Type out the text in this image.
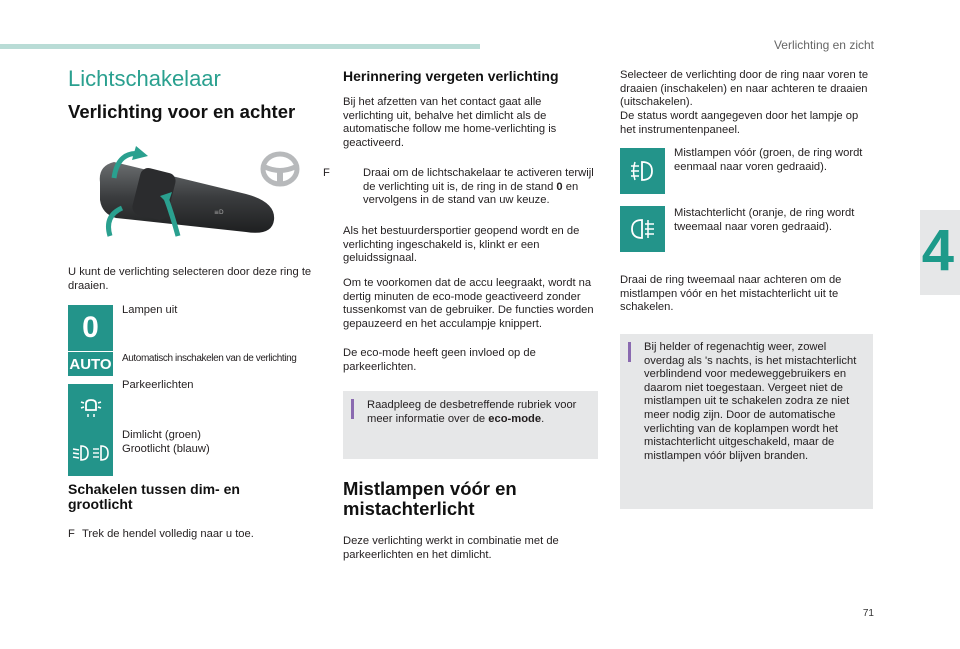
Verlichting en zicht
4
71
Lichtschakelaar
Verlichting voor en achter
≡D

U kunt de verlichting selecteren door deze ring te draaien.

0
Lampen uit
AUTO Automatisch inschakelen van de verlichting
Parkeerlichten
Dimlicht (groen)
Grootlicht (blauw)
Schakelen tussen dim- en grootlicht

F Trek de hendel volledig naar u toe.

Herinnering vergeten verlichting

Bij het afzetten van het contact gaat alle verlichting uit, behalve het dimlicht als de automatische follow me home-verlichting is geactiveerd.

F	Draai om de lichtschakelaar te activeren terwijl de verlichting uit is, de ring in de stand 0 en vervolgens in de stand van uw keuze.

Als het bestuurdersportier geopend wordt en de verlichting ingeschakeld is, klinkt er een geluidssignaal.

Om te voorkomen dat de accu leegraakt, wordt na dertig minuten de eco-mode geactiveerd zonder tussenkomst van de gebruiker. De functies worden gepauzeerd en het acculampje knippert.

De eco-mode heeft geen invloed op de parkeerlichten.

Raadpleeg de desbetreffende rubriek voor meer informatie over de eco-mode.

Mistlampen vóór en mistachterlicht

Deze verlichting werkt in combinatie met de parkeerlichten en het dimlicht.

Selecteer de verlichting door de ring naar voren te draaien (inschakelen) en naar achteren te draaien (uitschakelen).

De status wordt aangegeven door het lampje op het instrumentenpaneel.

Mistlampen vóór (groen, de ring wordt eenmaal naar voren gedraaid).

Mistachterlicht (oranje, de ring wordt tweemaal naar voren gedraaid).

Draai de ring tweemaal naar achteren om de mistlampen vóór en het mistachterlicht uit te schakelen.

Bij helder of regenachtig weer, zowel overdag als 's nachts, is het mistachterlicht verblindend voor medeweggebruikers en daarom niet toegestaan. Vergeet niet de mistlampen uit te schakelen zodra ze niet meer nodig zijn. Door de automatische verlichting van de koplampen wordt het mistachterlicht uitgeschakeld, maar de mistlampen vóór blijven branden.
